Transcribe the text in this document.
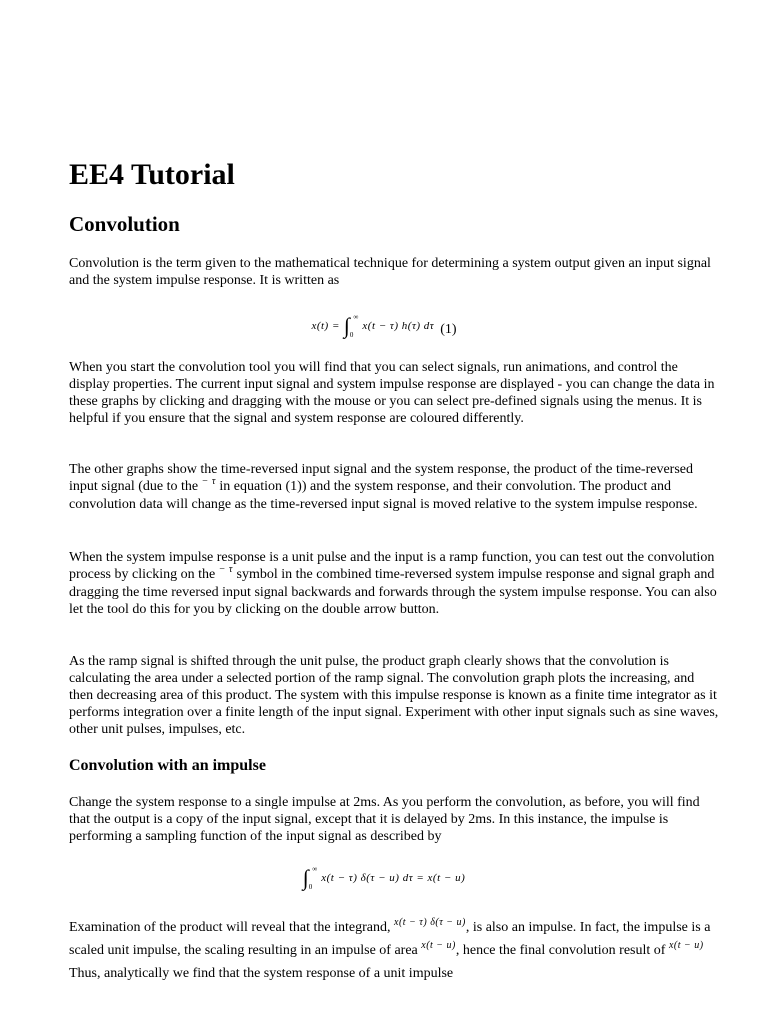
EE4 Tutorial
Convolution

Convolution is the term given to the mathematical technique for determining a system output given an input signal and the system impulse response. It is written as

$x(t) = \int_0^\infty$ x(t − τ) h(τ) dτ (1)

When you start the convolution tool you will find that you can select signals, run animations, and control the display properties. The current input signal and system impulse response are displayed - you can change the data in these graphs by clicking and dragging with the mouse or you can select pre-defined signals using the menus. It is helpful if you ensure that the signal and system response are coloured differently.

The other graphs show the time-reversed input signal and the system response, the product of the time-reversed input signal (due to the $^{- \tau}$ in equation (1)) and the system response, and their convolution. The product and convolution data will change as the time-reversed input signal is moved relative to the system impulse response.

When the system impulse response is a unit pulse and the input is a ramp function, you can test out the convolution process by clicking on the $^{- \tau}$ symbol in the combined time-reversed system impulse response and signal graph and dragging the time reversed input signal backwards and forwards through the system impulse response. You can also let the tool do this for you by clicking on the double arrow button.

As the ramp signal is shifted through the unit pulse, the product graph clearly shows that the convolution is calculating the area under a selected portion of the ramp signal. The convolution graph plots the increasing, and then decreasing area of this product. The system with this impulse response is known as a finite time integrator as it performs integration over a finite length of the input signal. Experiment with other input signals such as sine waves, other unit pulses, impulses, etc.

Convolution with an impulse

Change the system response to a single impulse at 2ms. As you perform the convolution, as before, you will find that the output is a copy of the input signal, except that it is delayed by 2ms. In this instance, the impulse is performing a sampling function of the input signal as described by

$\int_0^\infty$ x(t − τ) δ(τ − u) dτ = x(t − u)

Examination of the product will reveal that the integrand, $^{x(t - \tau) \delta(\tau - u)}$, is also an impulse. In fact, the impulse is a scaled unit impulse, the scaling resulting in an impulse of area $^{x(t - u)}$, hence the final convolution result of $^{x(t - u)}$ Thus, analytically we find that the system response of a unit impulse
